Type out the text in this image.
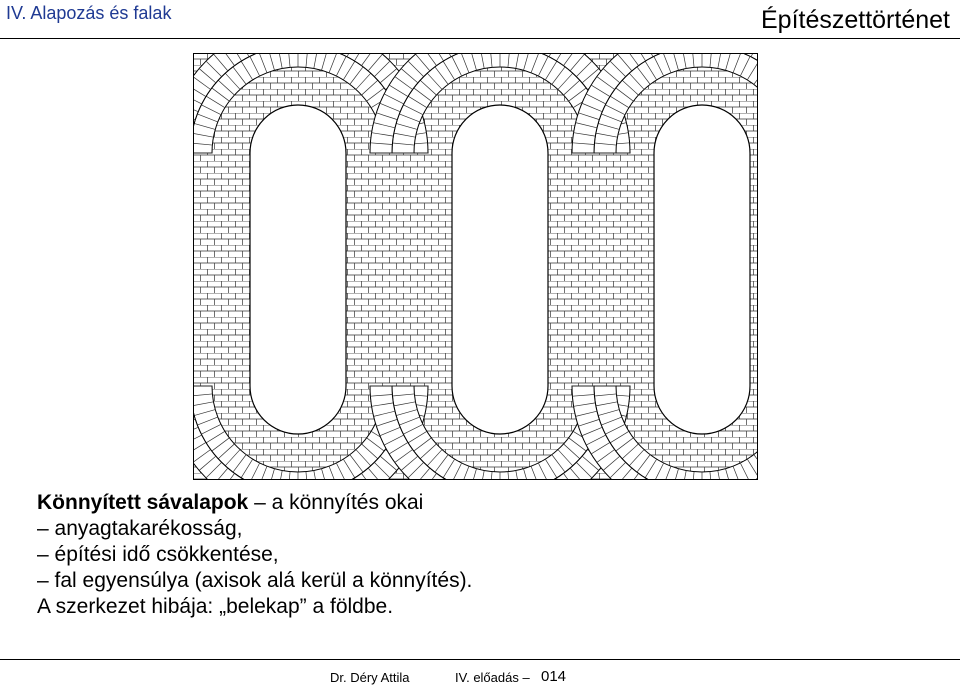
IV. Alapozás és falak	Építészettörténet
Könnyített sávalapok – a könnyítés okai
– anyagtakarékosság,
– építési idő csökkentése,
– fal egyensúlya (axisok alá kerül a könnyítés).
A szerkezet hibája: „belekap” a földbe.
Dr. Déry Attila	IV. előadás – 014
